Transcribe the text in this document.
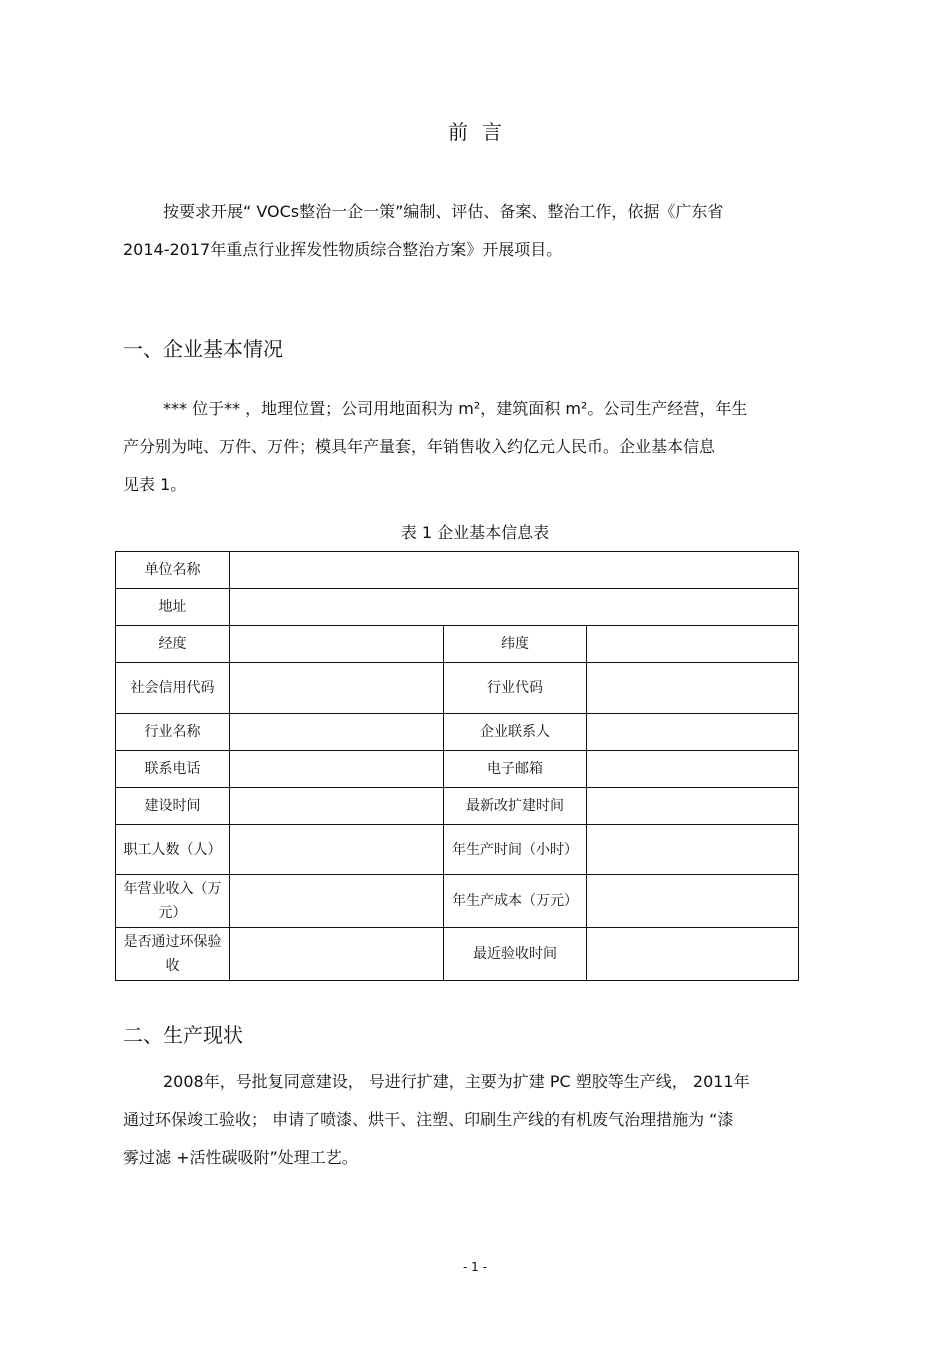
前言
按要求开展“ VOCs整治一企一策”编制、评估、备案、整治工作，依据《广东省
2014-2017年重点行业挥发性物质综合整治方案》开展项目。
一、企业基本情况
*** 位于** ，地理位置；公司用地面积为 m²，建筑面积 m²。公司生产经营，年生
产分别为吨、万件、万件；模具年产量套，年销售收入约亿元人民币。企业基本信息
见表 1。
表 1 企业基本信息表
单位名称			
地址			
经度		纬度	
社会信用代码		行业代码	
行业名称		企业联系人	
联系电话		电子邮箱	
建设时间		最新改扩建时间	
职工人数（人）		年生产时间（小时）	
年营业收入（万元）		年生产成本（万元）	
是否通过环保验收		最近验收时间	
二、生产现状
2008年，号批复同意建设， 号进行扩建，主要为扩建 PC 塑胶等生产线， 2011年
通过环保竣工验收； 申请了喷漆、烘干、注塑、印刷生产线的有机废气治理措施为 “漆
雾过滤 +活性碳吸附”处理工艺。
- 1 -
